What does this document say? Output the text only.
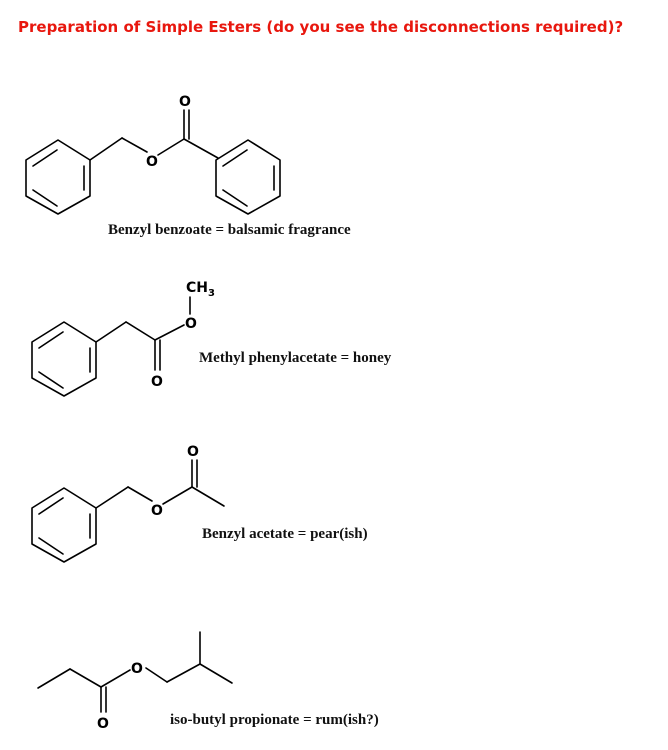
Preparation of Simple Esters (do you see the disconnections required)?
O
O
Benzyl benzoate = balsamic fragrance
O
O
$CH_3$
Methyl phenylacetate = honey
O
O
Benzyl acetate = pear(ish)
O
O
iso-butyl propionate = rum(ish?)
